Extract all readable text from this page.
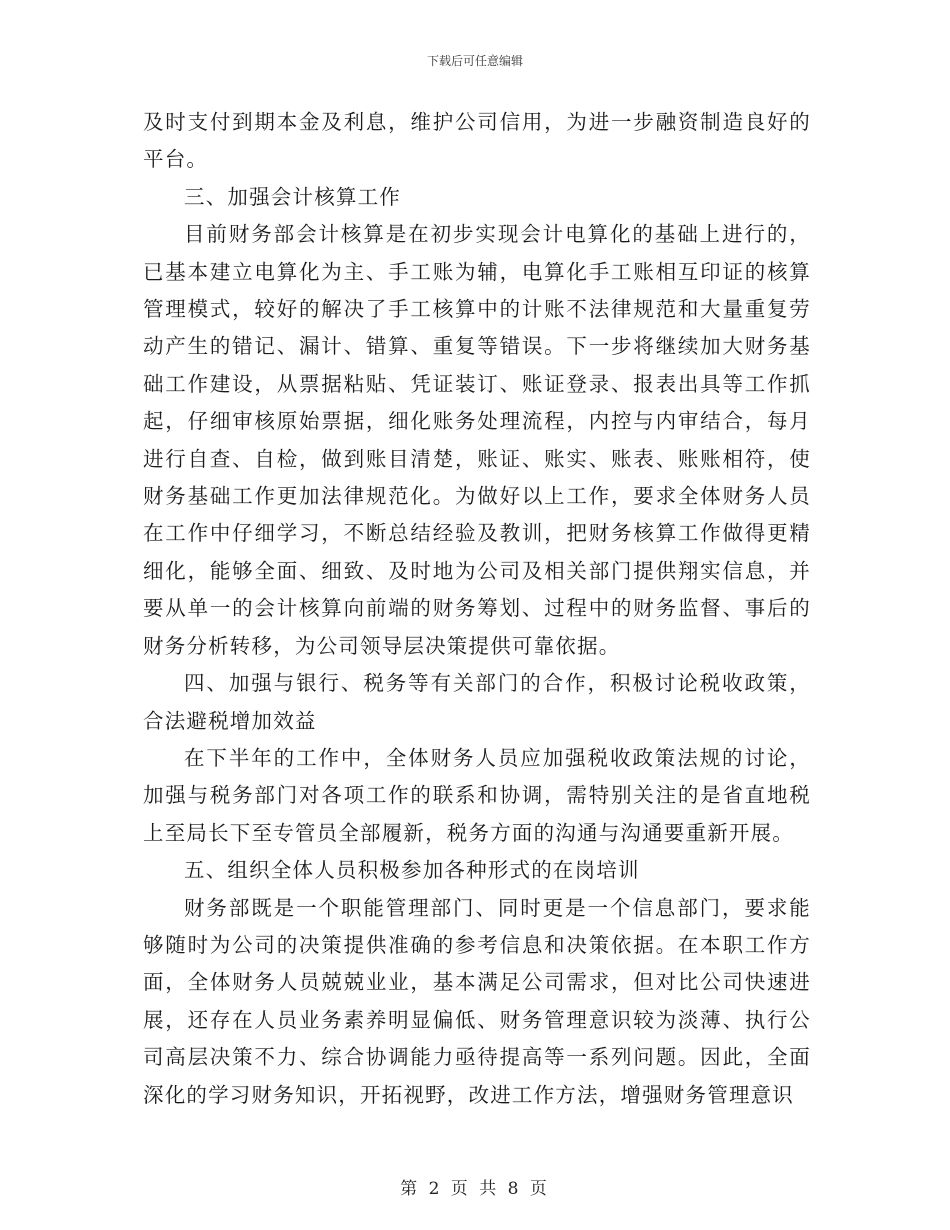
下载后可任意编辑

及时支付到期本金及利息，维护公司信用，为进一步融资制造良好的平台。

三、加强会计核算工作

目前财务部会计核算是在初步实现会计电算化的基础上进行的，已基本建立电算化为主、手工账为辅，电算化手工账相互印证的核算管理模式，较好的解决了手工核算中的计账不法律规范和大量重复劳动产生的错记、漏计、错算、重复等错误。下一步将继续加大财务基础工作建设，从票据粘贴、凭证装订、账证登录、报表出具等工作抓起，仔细审核原始票据，细化账务处理流程，内控与内审结合，每月进行自查、自检，做到账目清楚，账证、账实、账表、账账相符，使财务基础工作更加法律规范化。为做好以上工作，要求全体财务人员在工作中仔细学习，不断总结经验及教训，把财务核算工作做得更精细化，能够全面、细致、及时地为公司及相关部门提供翔实信息，并要从单一的会计核算向前端的财务筹划、过程中的财务监督、事后的财务分析转移，为公司领导层决策提供可靠依据。

四、加强与银行、税务等有关部门的合作，积极讨论税收政策，合法避税增加效益

在下半年的工作中，全体财务人员应加强税收政策法规的讨论，加强与税务部门对各项工作的联系和协调，需特别关注的是省直地税上至局长下至专管员全部履新，税务方面的沟通与沟通要重新开展。

五、组织全体人员积极参加各种形式的在岗培训

财务部既是一个职能管理部门、同时更是一个信息部门，要求能够随时为公司的决策提供准确的参考信息和决策依据。在本职工作方面，全体财务人员兢兢业业，基本满足公司需求，但对比公司快速进展，还存在人员业务素养明显偏低、财务管理意识较为淡薄、执行公司高层决策不力、综合协调能力亟待提高等一系列问题。因此，全面深化的学习财务知识，开拓视野，改进工作方法，增强财务管理意识

第 2 页 共 8 页
